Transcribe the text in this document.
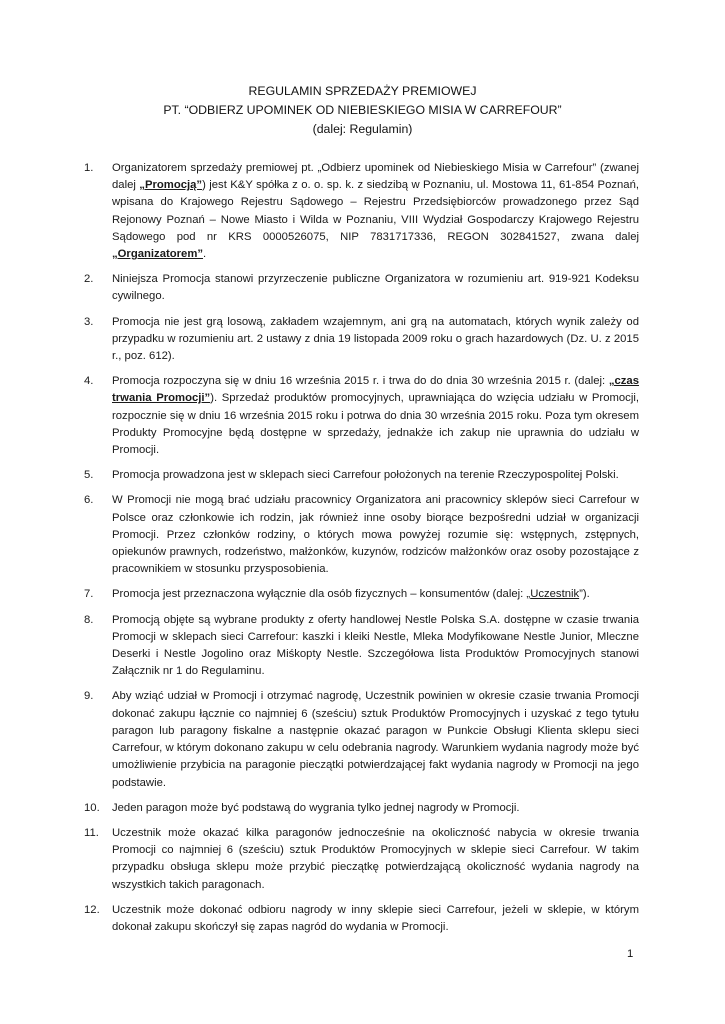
REGULAMIN SPRZEDAŻY PREMIOWEJ
PT. “ODBIERZ UPOMINEK OD NIEBIESKIEGO MISIA W CARREFOUR”
(dalej: Regulamin)
1.	Organizatorem sprzedaży premiowej pt. „Odbierz upominek od Niebieskiego Misia w Carrefour” (zwanej dalej „Promocją”) jest K&Y spółka z o. o. sp. k. z siedzibą w Poznaniu, ul. Mostowa 11, 61-854 Poznań, wpisana do Krajowego Rejestru Sądowego – Rejestru Przedsiębiorców prowadzonego przez Sąd Rejonowy Poznań – Nowe Miasto i Wilda w Poznaniu, VIII Wydział Gospodarczy Krajowego Rejestru Sądowego pod nr KRS 0000526075, NIP 7831717336, REGON 302841527, zwana dalej „Organizatorem”.
2.	Niniejsza Promocja stanowi przyrzeczenie publiczne Organizatora w rozumieniu art. 919-921 Kodeksu cywilnego.
3.	Promocja nie jest grą losową, zakładem wzajemnym, ani grą na automatach, których wynik zależy od przypadku w rozumieniu art. 2 ustawy z dnia 19 listopada 2009 roku o grach hazardowych (Dz. U. z 2015 r., poz. 612).
4.	Promocja rozpoczyna się w dniu 16 września 2015 r. i trwa do do dnia 30 września 2015 r. (dalej: „czas trwania Promocji”). Sprzedaż produktów promocyjnych, uprawniająca do wzięcia udziału w Promocji, rozpocznie się w dniu 16 września 2015 roku i potrwa do dnia 30 września 2015 roku. Poza tym okresem Produkty Promocyjne będą dostępne w sprzedaży, jednakże ich zakup nie uprawnia do udziału w Promocji.
5.	Promocja prowadzona jest w sklepach sieci Carrefour położonych na terenie Rzeczypospolitej Polski.
6.	W Promocji nie mogą brać udziału pracownicy Organizatora ani pracownicy sklepów sieci Carrefour w Polsce oraz członkowie ich rodzin, jak również inne osoby biorące bezpośredni udział w organizacji Promocji. Przez członków rodziny, o których mowa powyżej rozumie się: wstępnych, zstępnych, opiekunów prawnych, rodzeństwo, małżonków, kuzynów, rodziców małżonków oraz osoby pozostające z pracownikiem w stosunku przysposobienia.
7.	Promocja jest przeznaczona wyłącznie dla osób fizycznych – konsumentów (dalej: „Uczestnik”).
8.	Promocją objęte są wybrane produkty z oferty handlowej Nestle Polska S.A. dostępne w czasie trwania Promocji w sklepach sieci Carrefour: kaszki i kleiki Nestle, Mleka Modyfikowane Nestle Junior, Mleczne Deserki i Nestle Jogolino oraz Miśkopty Nestle. Szczegółowa lista Produktów Promocyjnych stanowi Załącznik nr 1 do Regulaminu.
9.	Aby wziąć udział w Promocji i otrzymać nagrodę, Uczestnik powinien w okresie czasie trwania Promocji dokonać zakupu łącznie co najmniej 6 (sześciu) sztuk Produktów Promocyjnych i uzyskać z tego tytułu paragon lub paragony fiskalne a następnie okazać paragon w Punkcie Obsługi Klienta sklepu sieci Carrefour, w którym dokonano zakupu w celu odebrania nagrody. Warunkiem wydania nagrody może być umożliwienie przybicia na paragonie pieczątki potwierdzającej fakt wydania nagrody w Promocji na jego podstawie.
10.	Jeden paragon może być podstawą do wygrania tylko jednej nagrody w Promocji.
11.	Uczestnik może okazać kilka paragonów jednocześnie na okoliczność nabycia w okresie trwania Promocji co najmniej 6 (sześciu) sztuk Produktów Promocyjnych w sklepie sieci Carrefour. W takim przypadku obsługa sklepu może przybić pieczątkę potwierdzającą okoliczność wydania nagrody na wszystkich takich paragonach.
12.	Uczestnik może dokonać odbioru nagrody w inny sklepie sieci Carrefour, jeżeli w sklepie, w którym dokonał zakupu skończył się zapas nagród do wydania w Promocji.
1
